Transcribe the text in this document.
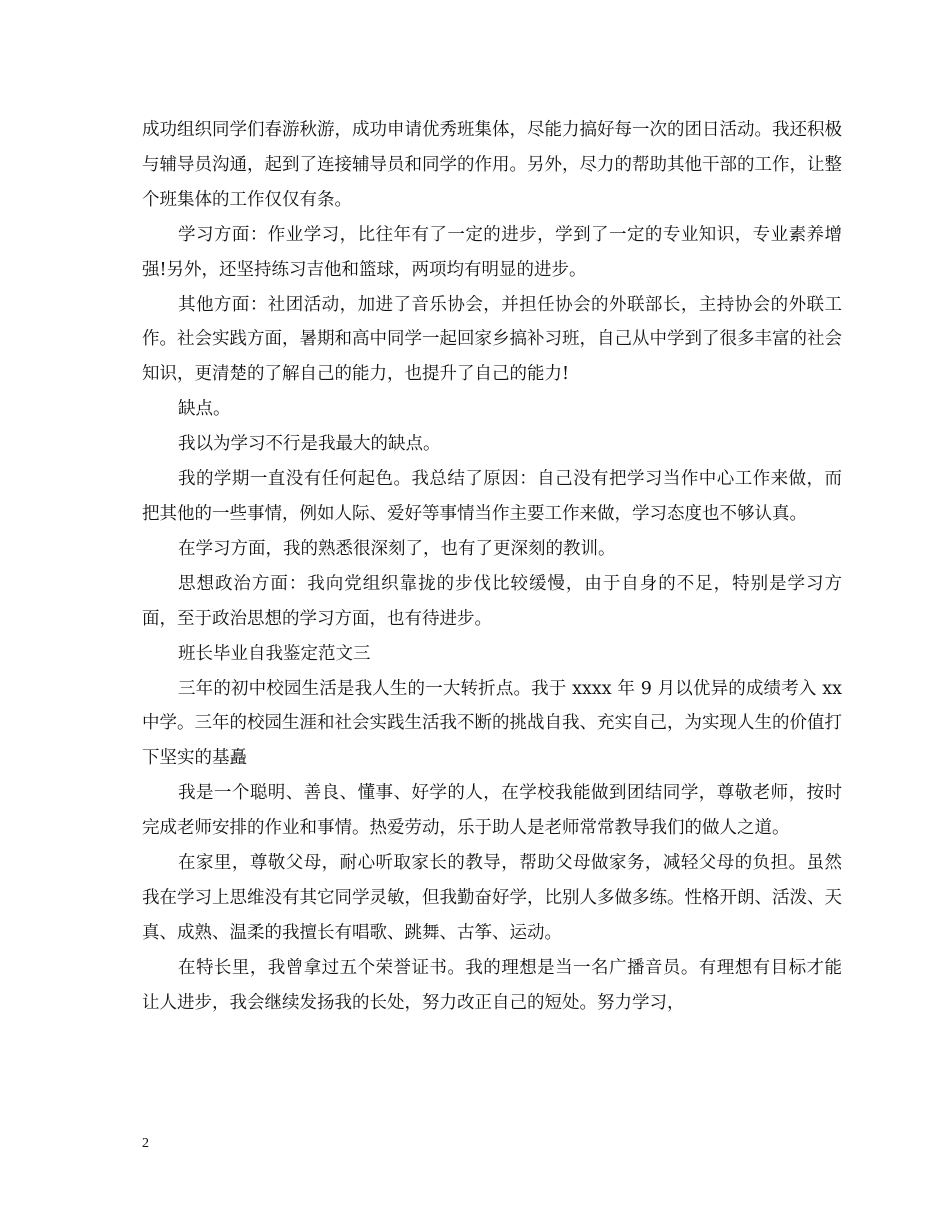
成功组织同学们春游秋游，成功申请优秀班集体，尽能力搞好每一次的团日活动。我还积极与辅导员沟通，起到了连接辅导员和同学的作用。另外，尽力的帮助其他干部的工作，让整个班集体的工作仅仅有条。

学习方面：作业学习，比往年有了一定的进步，学到了一定的专业知识，专业素养增强!另外，还坚持练习吉他和篮球，两项均有明显的进步。

其他方面：社团活动，加进了音乐协会，并担任协会的外联部长，主持协会的外联工作。社会实践方面，暑期和高中同学一起回家乡搞补习班，自己从中学到了很多丰富的社会知识，更清楚的了解自己的能力，也提升了自己的能力!

缺点。

我以为学习不行是我最大的缺点。

我的学期一直没有任何起色。我总结了原因：自己没有把学习当作中心工作来做，而把其他的一些事情，例如人际、爱好等事情当作主要工作来做，学习态度也不够认真。

在学习方面，我的熟悉很深刻了，也有了更深刻的教训。

思想政治方面：我向党组织靠拢的步伐比较缓慢，由于自身的不足，特别是学习方面，至于政治思想的学习方面，也有待进步。

班长毕业自我鉴定范文三

三年的初中校园生活是我人生的一大转折点。我于 xxxx 年 9 月以优异的成绩考入 xx 中学。三年的校园生涯和社会实践生活我不断的挑战自我、充实自己，为实现人生的价值打下坚实的基矗

我是一个聪明、善良、懂事、好学的人，在学校我能做到团结同学，尊敬老师，按时完成老师安排的作业和事情。热爱劳动，乐于助人是老师常常教导我们的做人之道。

在家里，尊敬父母，耐心听取家长的教导，帮助父母做家务，减轻父母的负担。虽然我在学习上思维没有其它同学灵敏，但我勤奋好学，比别人多做多练。性格开朗、活泼、天真、成熟、温柔的我擅长有唱歌、跳舞、古筝、运动。

在特长里，我曾拿过五个荣誉证书。我的理想是当一名广播音员。有理想有目标才能让人进步，我会继续发扬我的长处，努力改正自己的短处。努力学习，

2
